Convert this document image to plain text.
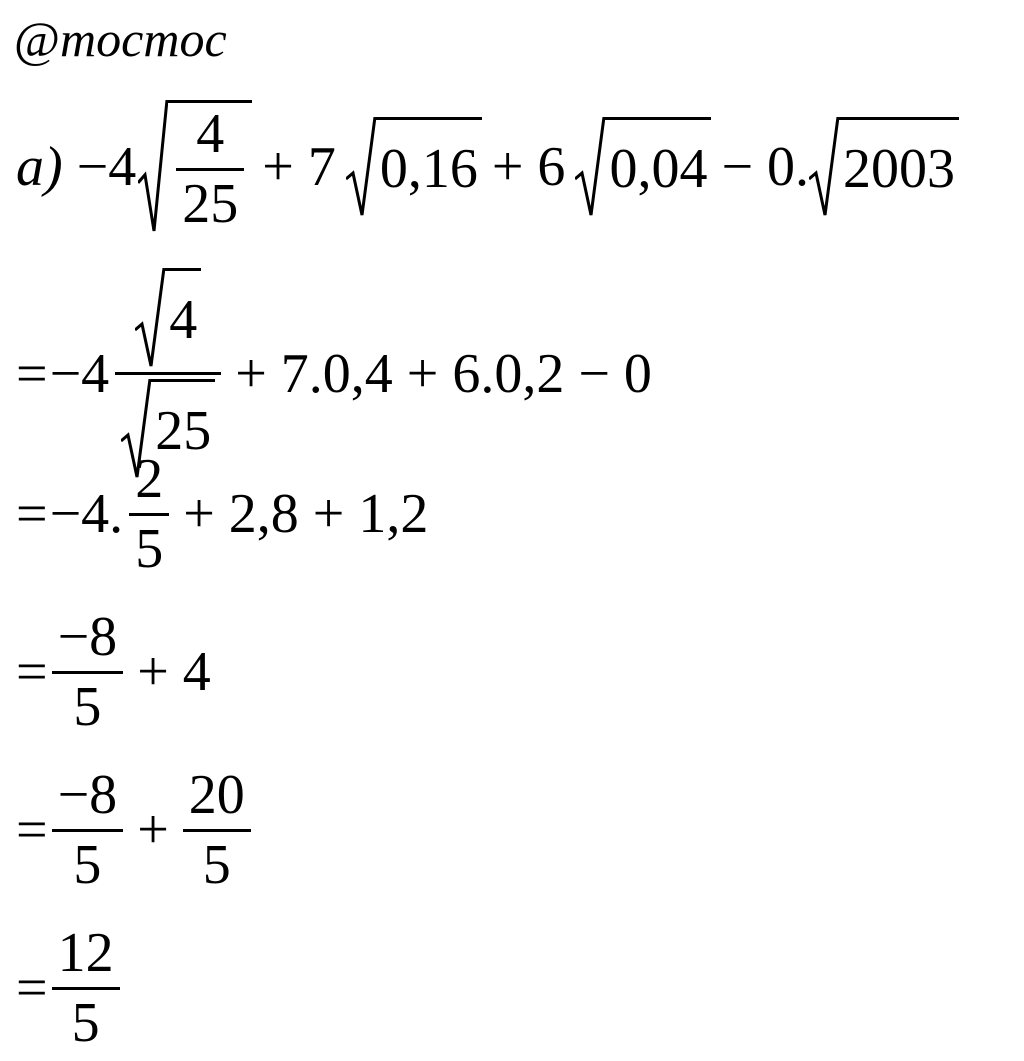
@mocmoc
$a) -4 \frac{4}{25} + 7$ 0,16 + 6 0,04 − 0. 2003
= $-4 \frac{4}{25} + 7.0,4 + 6.0,2 - 0$
= −4. $\frac{2}{5} + 2,8 + 1,2$
= $\frac{-8}{5} + 4$
= $\frac{-8}{5} + \frac{20}{5}$
= $\frac{12}{5}$
